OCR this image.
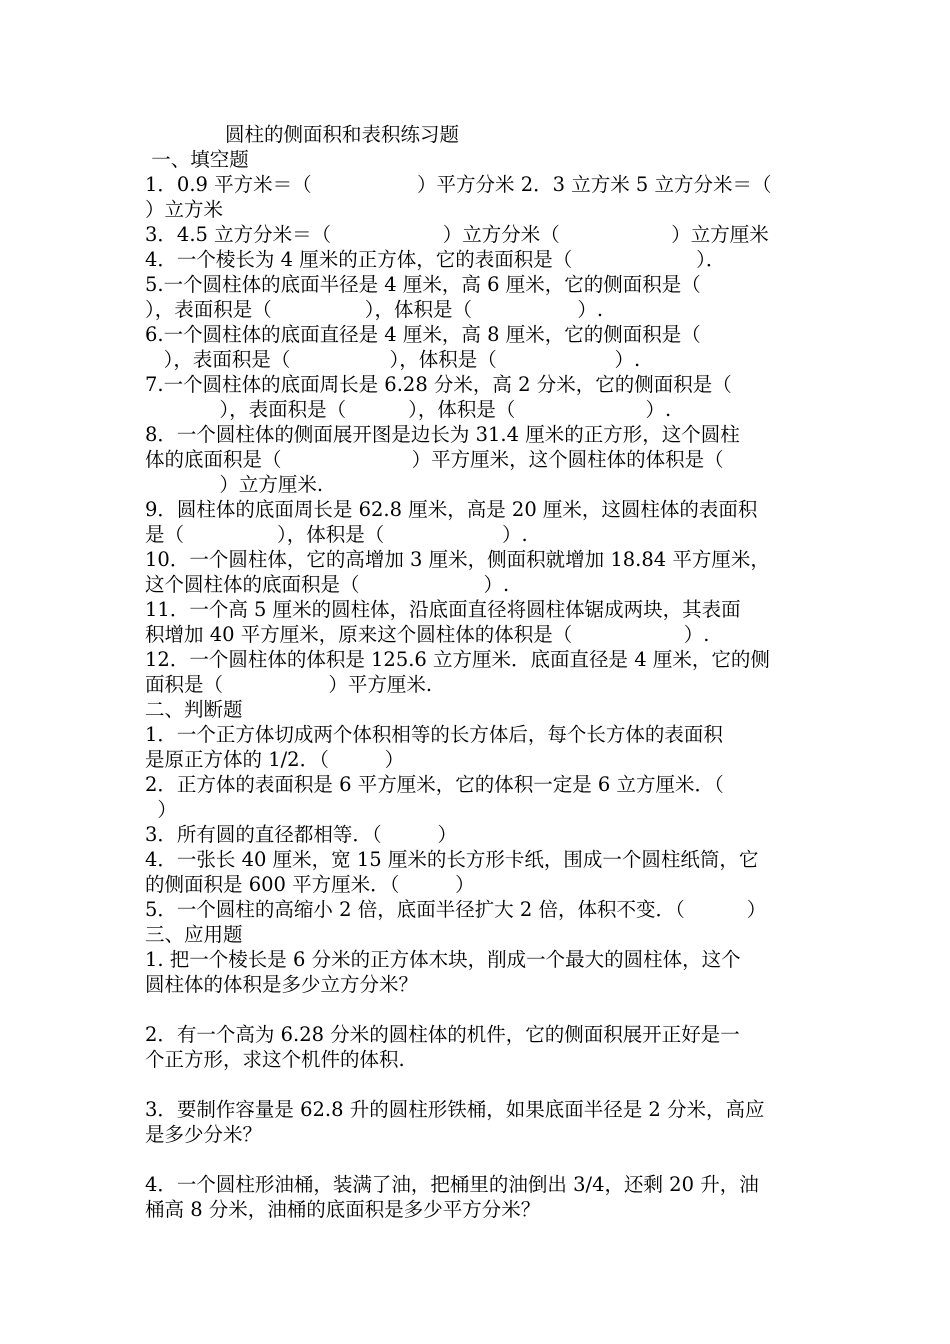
圆柱的侧面积和表积练习题
一、填空题
1．0.9 平方米＝（                 ）平方分米 2．3 立方米 5 立方分米＝（
）立方米
3．4.5 立方分米＝（                  ）立方分米（                  ）立方厘米
4．一个棱长为 4 厘米的正方体，它的表面积是（                    ）．
5.一个圆柱体的底面半径是 4 厘米，高 6 厘米，它的侧面积是（
），表面积是（               ），体积是（                 ）.
6.一个圆柱体的底面直径是 4 厘米，高 8 厘米，它的侧面积是（
），表面积是（                ），体积是（                   ）.
7.一个圆柱体的底面周长是 6.28 分米，高 2 分米，它的侧面积是（
），表面积是（          ），体积是（                     ）.
8．一个圆柱体的侧面展开图是边长为 31.4 厘米的正方形，这个圆柱
体的底面积是（                     ）平方厘米，这个圆柱体的体积是（
）立方厘米.
9．圆柱体的底面周长是 62.8 厘米，高是 20 厘米，这圆柱体的表面积
是（               ），体积是（                   ）.
10．一个圆柱体，它的高增加 3 厘米，侧面积就增加 18.84 平方厘米，
这个圆柱体的底面积是（                    ）.
11．一个高 5 厘米的圆柱体，沿底面直径将圆柱体锯成两块，其表面
积增加 40 平方厘米，原来这个圆柱体的体积是（                  ）.
12．一个圆柱体的体积是 125.6 立方厘米．底面直径是 4 厘米，它的侧
面积是（                 ）平方厘米.
二、判断题
1．一个正方体切成两个体积相等的长方体后，每个长方体的表面积
是原正方体的 1/2．（         ）
2．正方体的表面积是 6 平方厘米，它的体积一定是 6 立方厘米．（
）
3．所有圆的直径都相等．（         ）
4．一张长 40 厘米，宽 15 厘米的长方形卡纸，围成一个圆柱纸筒，它
的侧面积是 600 平方厘米．（         ）
5．一个圆柱的高缩小 2 倍，底面半径扩大 2 倍，体积不变．（          ）
三、应用题
1. 把一个棱长是 6 分米的正方体木块，削成一个最大的圆柱体，这个
圆柱体的体积是多少立方分米？
2．有一个高为 6.28 分米的圆柱体的机件，它的侧面积展开正好是一
个正方形，求这个机件的体积.
3．要制作容量是 62.8 升的圆柱形铁桶，如果底面半径是 2 分米，高应
是多少分米？
4．一个圆柱形油桶，装满了油，把桶里的油倒出 3/4，还剩 20 升，油
桶高 8 分米，油桶的底面积是多少平方分米？
